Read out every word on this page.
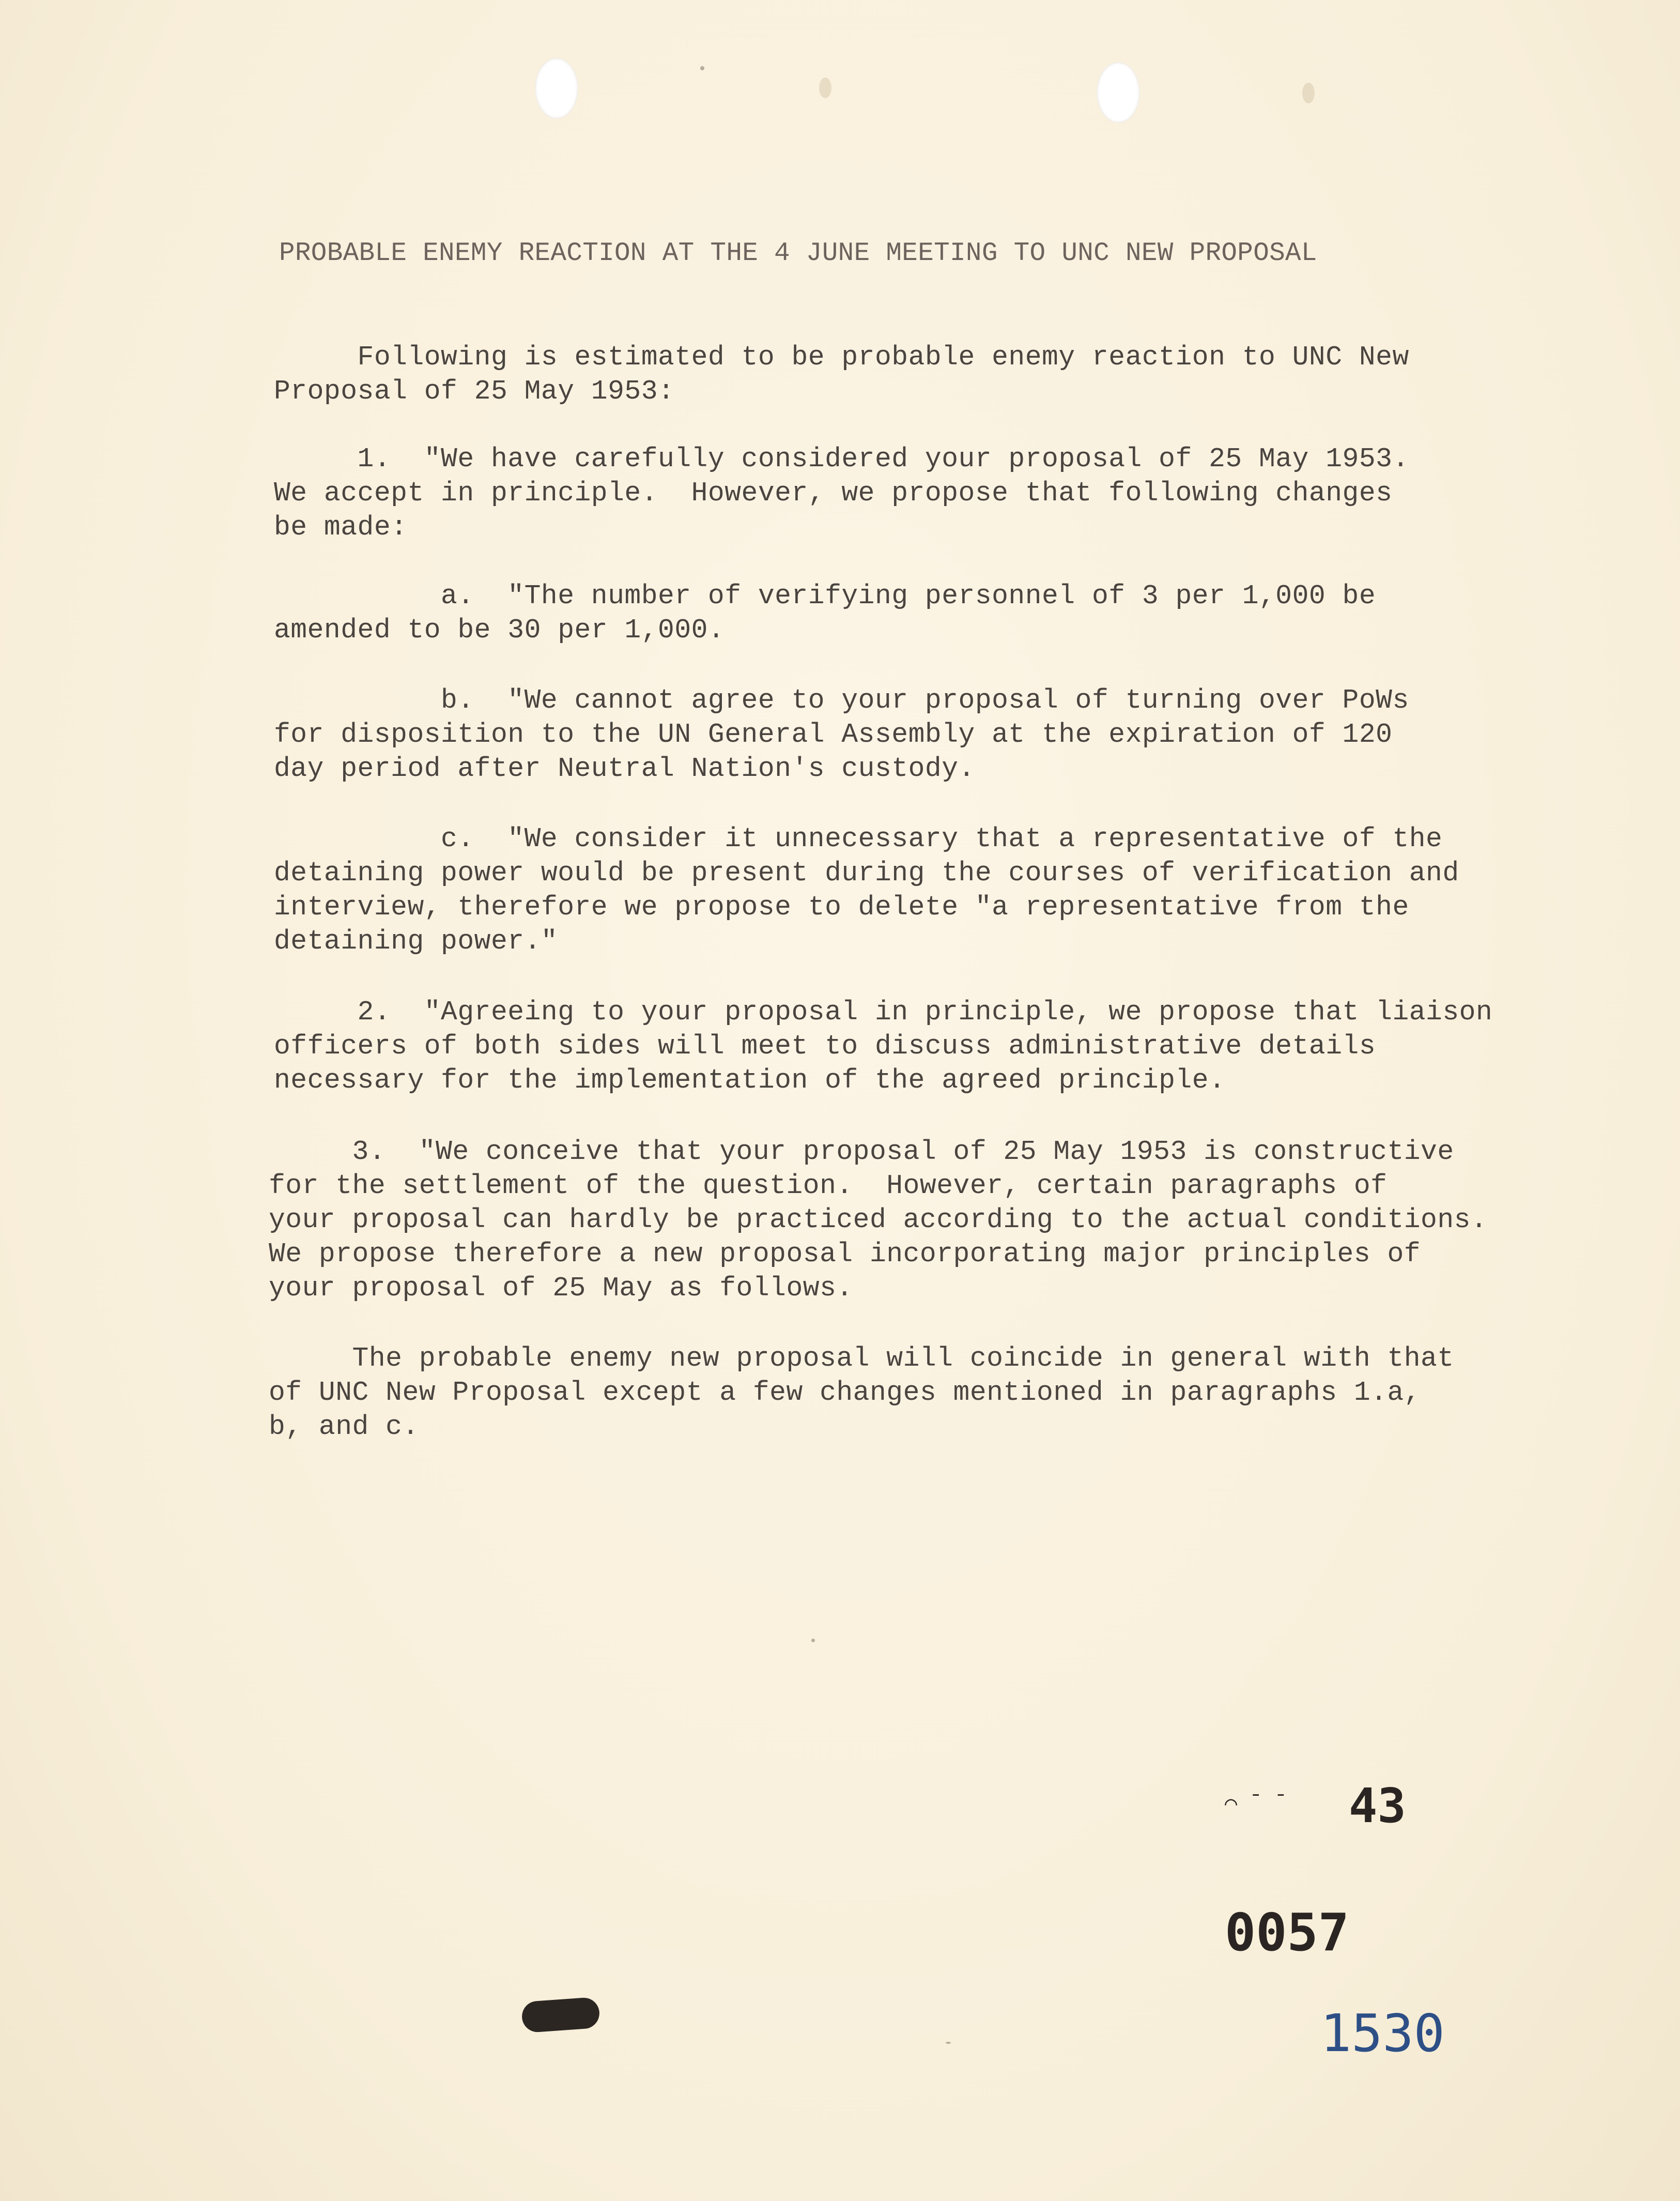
PROBABLE ENEMY REACTION AT THE 4 JUNE MEETING TO UNC NEW PROPOSAL
Following is estimated to be probable enemy reaction to UNC New
Proposal of 25 May 1953:
1.  "We have carefully considered your proposal of 25 May 1953.
We accept in principle.  However, we propose that following changes
be made:
a.  "The number of verifying personnel of 3 per 1,000 be
amended to be 30 per 1,000.
b.  "We cannot agree to your proposal of turning over PoWs
for disposition to the UN General Assembly at the expiration of 120
day period after Neutral Nation's custody.
c.  "We consider it unnecessary that a representative of the
detaining power would be present during the courses of verification and
interview, therefore we propose to delete "a representative from the
detaining power."
2.  "Agreeing to your proposal in principle, we propose that liaison
officers of both sides will meet to discuss administrative details
necessary for the implementation of the agreed principle.
3.  "We conceive that your proposal of 25 May 1953 is constructive
for the settlement of the question.  However, certain paragraphs of
your proposal can hardly be practiced according to the actual conditions.
We propose therefore a new proposal incorporating major principles of
your proposal of 25 May as follows.
The probable enemy new proposal will coincide in general with that
of UNC New Proposal except a few changes mentioned in paragraphs 1.a,
b, and c.
⌒ ˉ ˉ 43
0057
1530
